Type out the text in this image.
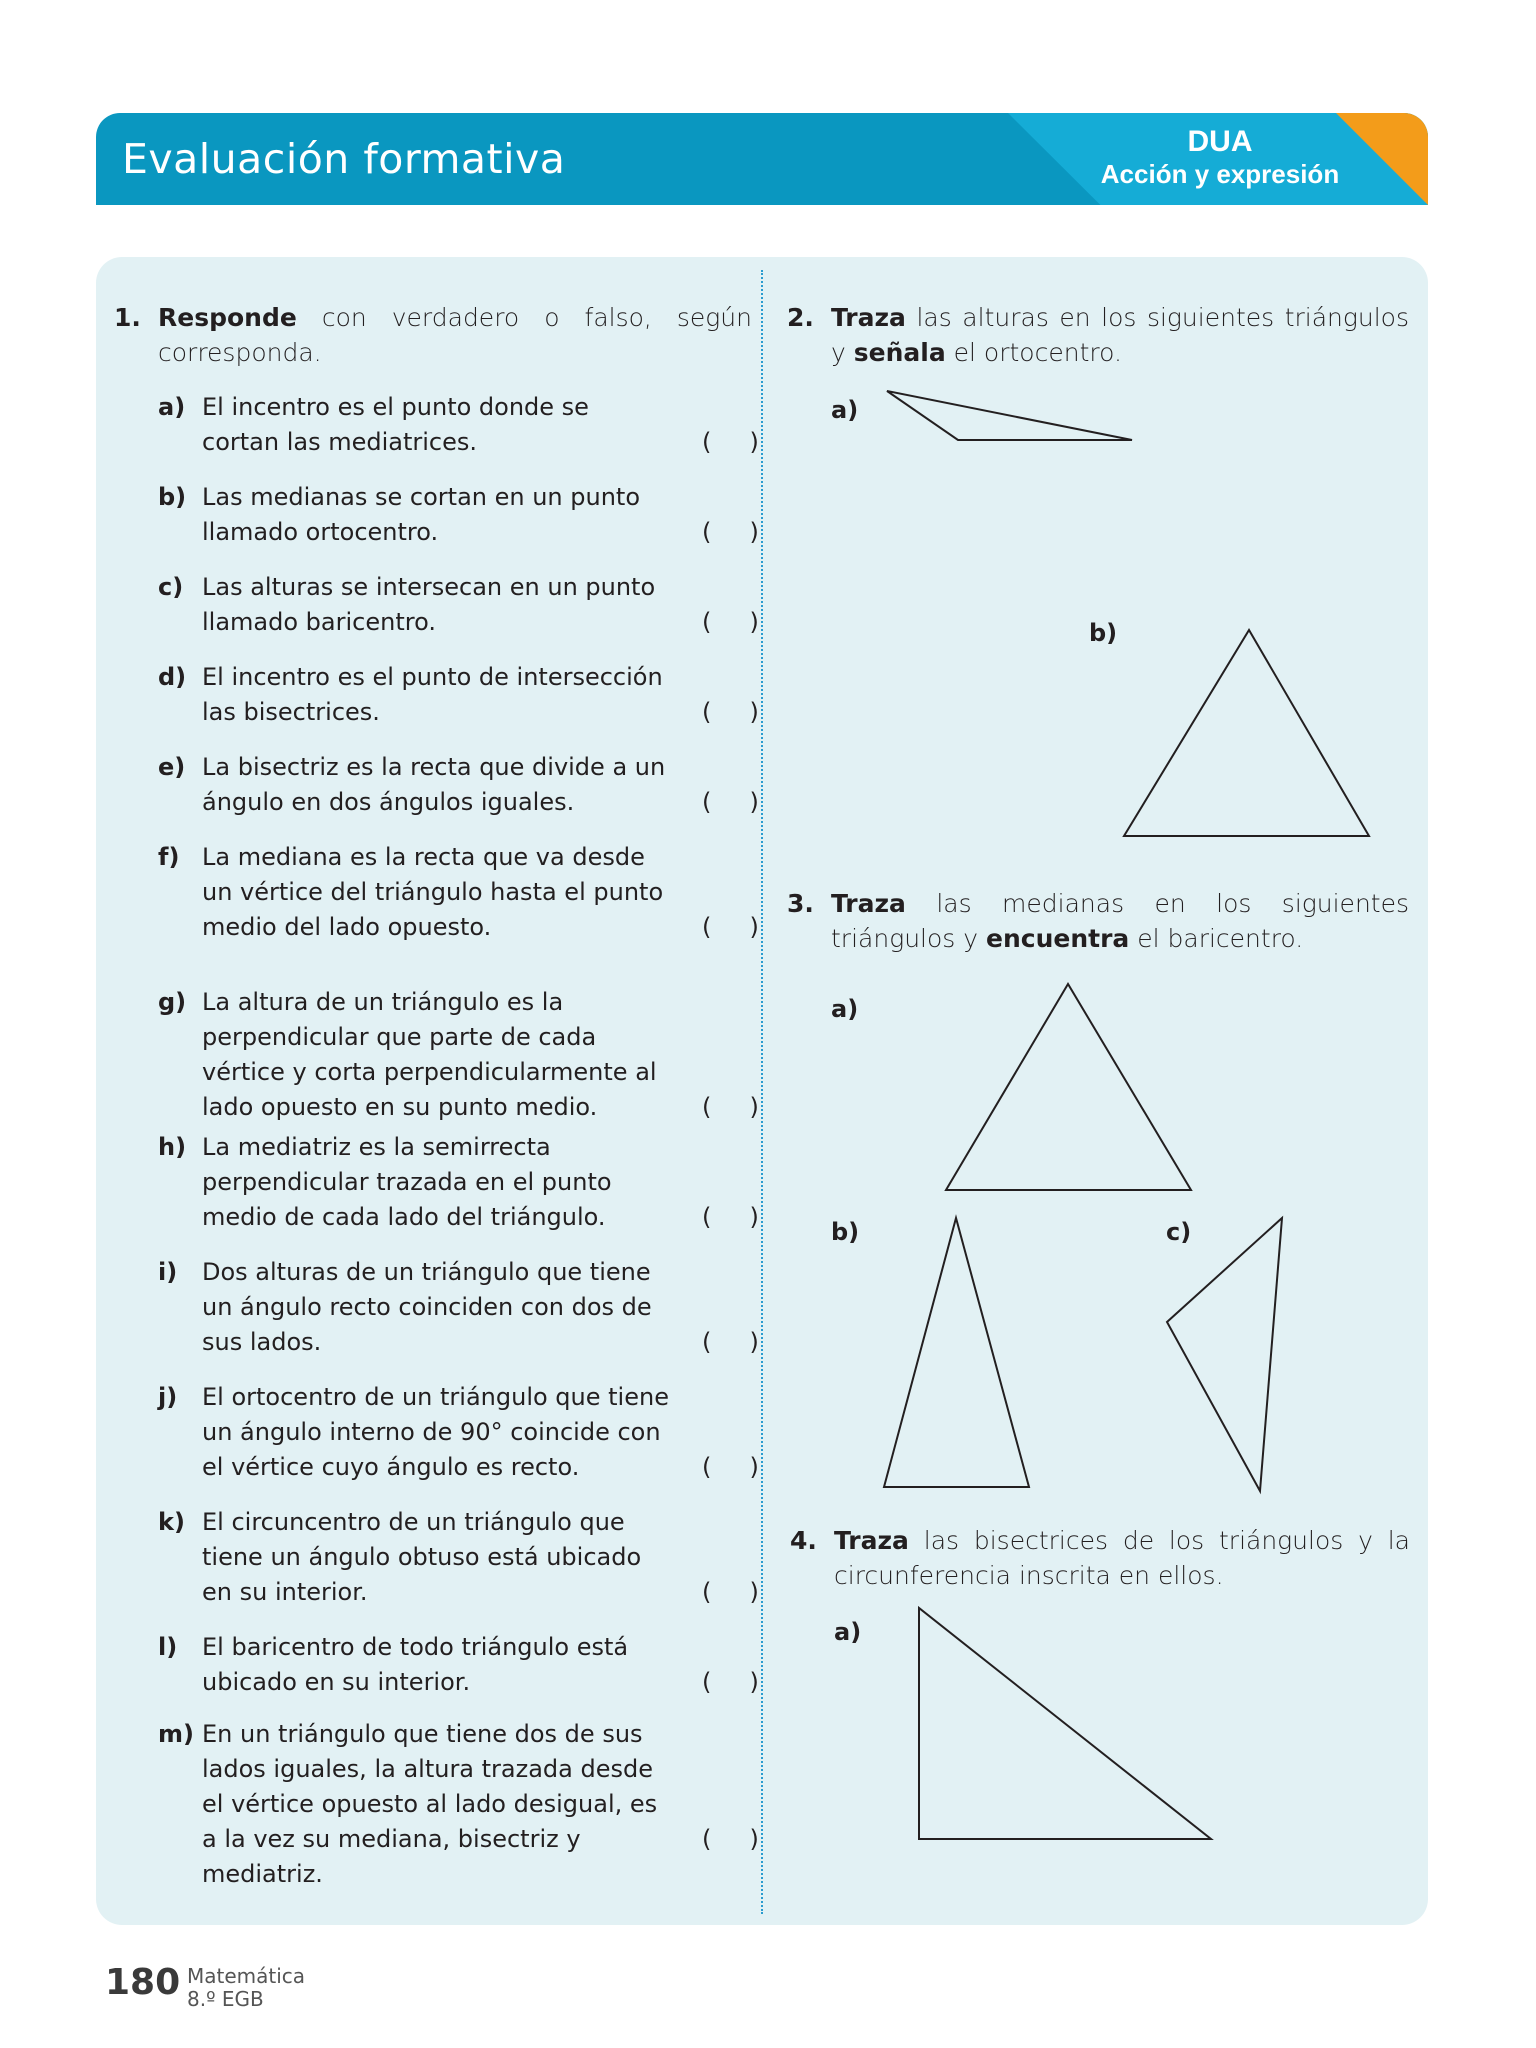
Evaluación formativa	DUA
Acción y expresión
1. Responde con verdadero o falso, según corresponda.
a) El incentro es el punto donde se cortan las mediatrices.	(     )
b) Las medianas se cortan en un punto llamado ortocentro.	(     )
c) Las alturas se intersecan en un punto llamado baricentro.	(     )
d) El incentro es el punto de intersección las bisectrices.	(     )
e) La bisectriz es la recta que divide a un ángulo en dos ángulos iguales.	(     )
f) La mediana es la recta que va desde un vértice del triángulo hasta el punto medio del lado opuesto.	(     )
g) La altura de un triángulo es la perpendicular que parte de cada vértice y corta perpendicularmente al lado opuesto en su punto medio.	(     )
h) La mediatriz es la semirrecta perpendicular trazada en el punto medio de cada lado del triángulo.	(     )
i)	Dos alturas de un triángulo que tiene un ángulo recto coinciden con dos de sus lados.	(     )
j)	El ortocentro de un triángulo que tiene un ángulo interno de 90° coincide con el vértice cuyo ángulo es recto.	(     )
k) El circuncentro de un triángulo que tiene un ángulo obtuso está ubicado en su interior.	(     )
l)	El baricentro de todo triángulo está ubicado en su interior.	(     )
m) En un triángulo que tiene dos de sus lados iguales, la altura trazada desde el vértice opuesto al lado desigual, es a la vez su mediana, bisectriz y mediatriz.
(     )
2. Traza las alturas en los siguientes triángulos y señala el ortocentro.
a)
b)
3. Traza las medianas en los siguientes triángulos y encuentra el baricentro.
a)
b)	c)
4. Traza las bisectrices de los triángulos y la circunferencia inscrita en ellos.
a)
180 Matemática
8.º EGB
